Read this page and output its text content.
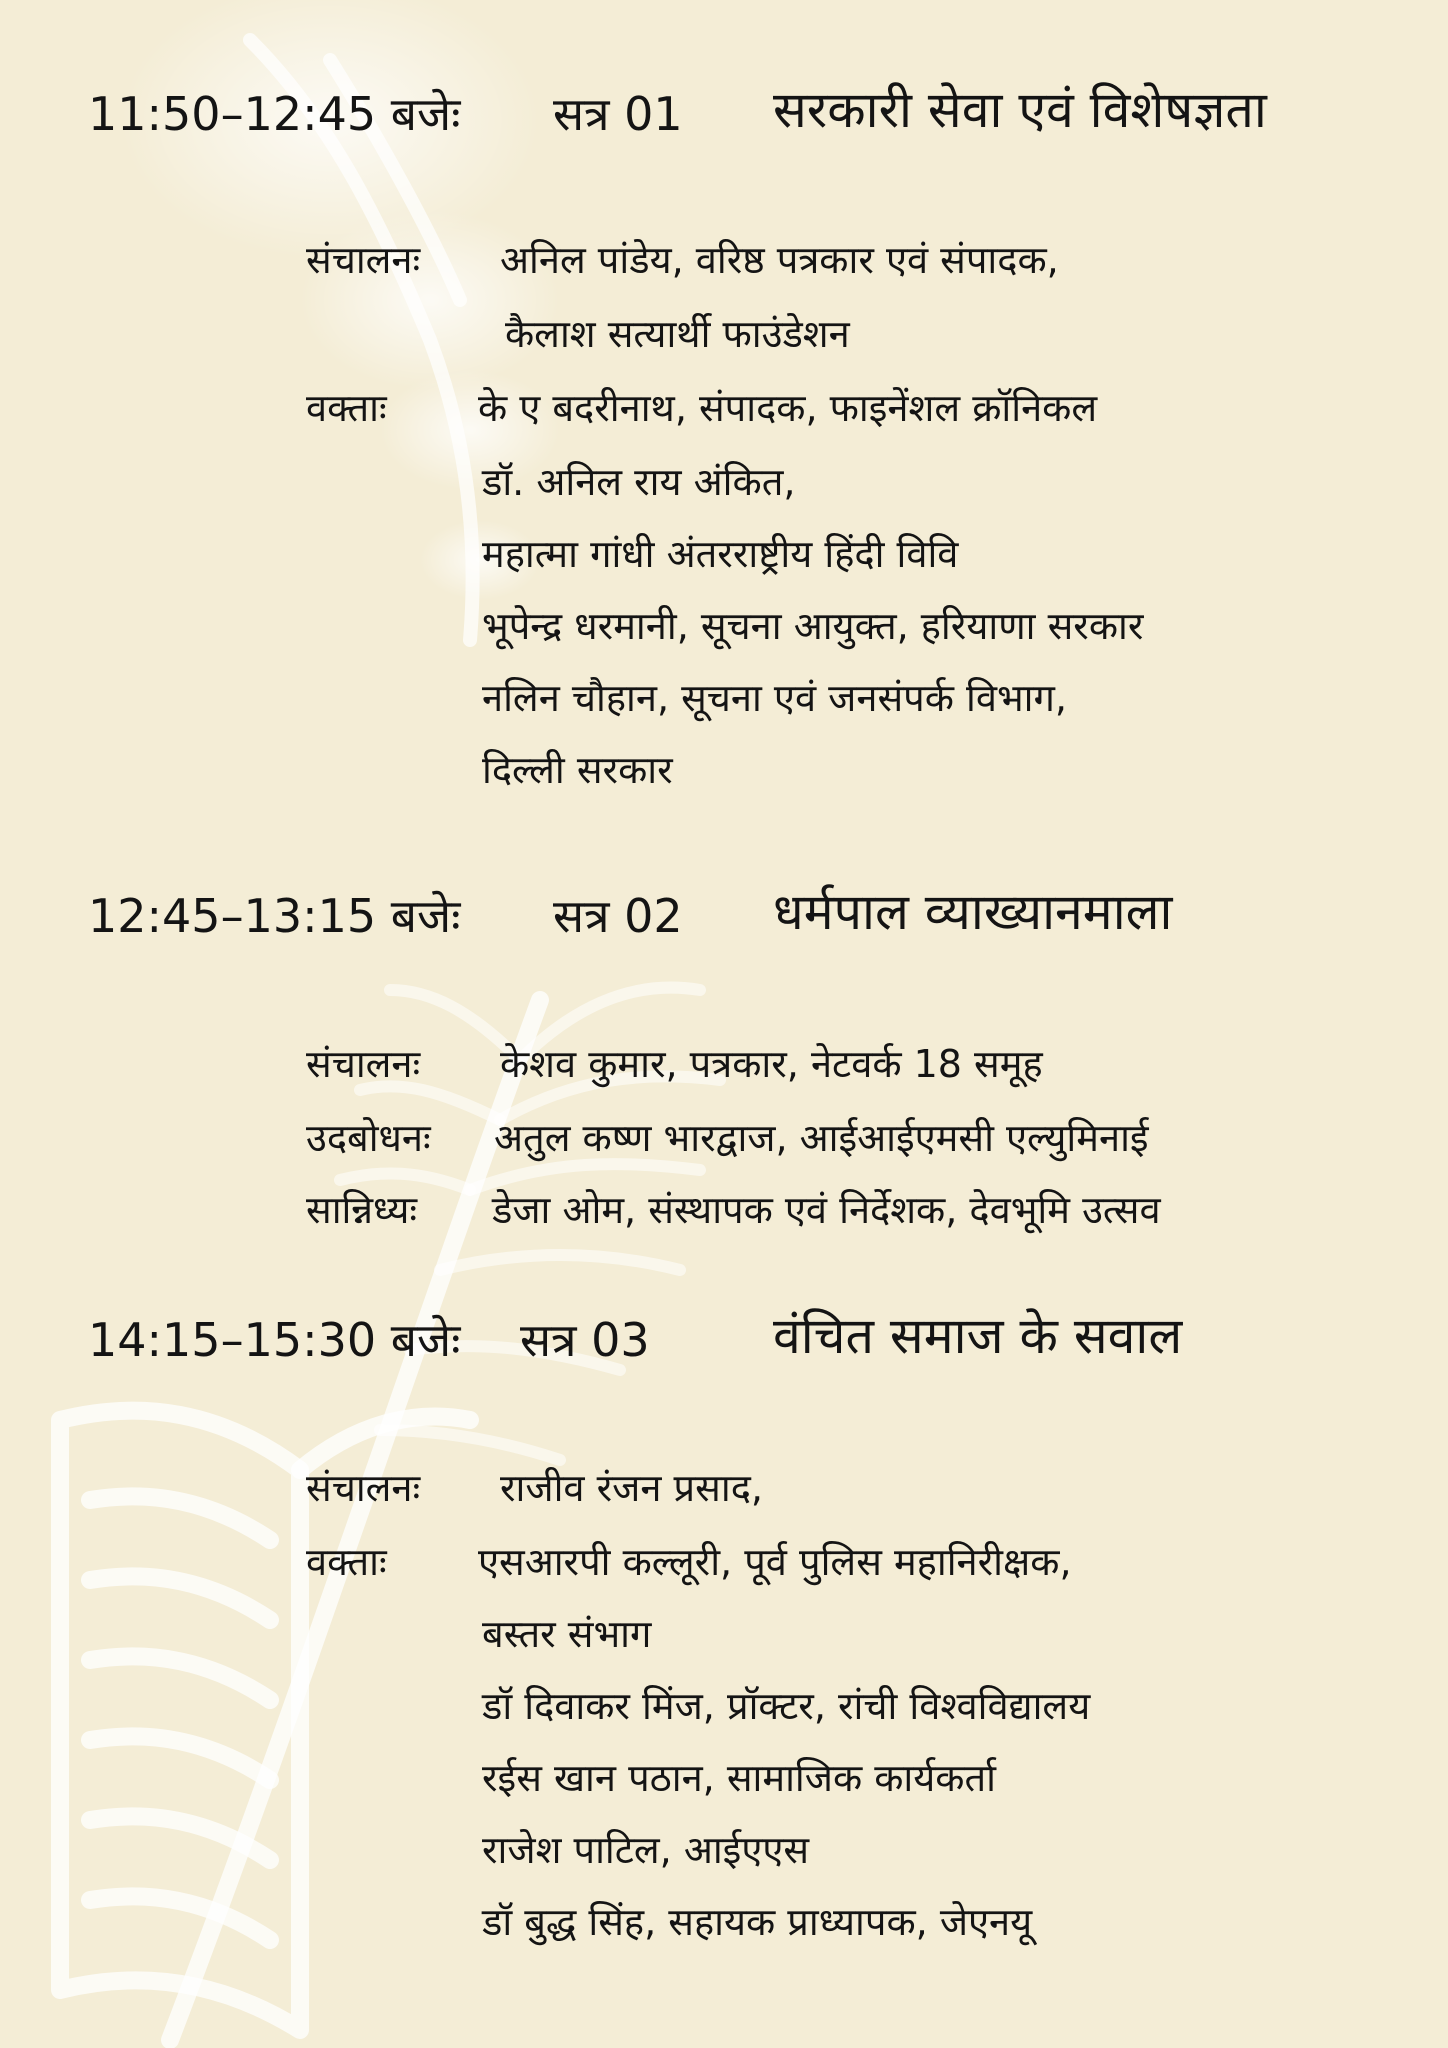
11:50–12:45 बजेः सत्र 01 सरकारी सेवा एवं विशेषज्ञता
संचालनः अनिल पांडेय, वरिष्ठ पत्रकार एवं संपादक,
कैलाश सत्यार्थी फाउंडेशन
वक्ताः के ए बदरीनाथ, संपादक, फाइनेंशल क्रॉनिकल
डॉ. अनिल राय अंकित,
महात्मा गांधी अंतरराष्ट्रीय हिंदी विवि
भूपेन्द्र धरमानी, सूचना आयुक्त, हरियाणा सरकार
नलिन चौहान, सूचना एवं जनसंपर्क विभाग,
दिल्ली सरकार
12:45–13:15 बजेः सत्र 02 धर्मपाल व्याख्यानमाला
संचालनः केशव कुमार, पत्रकार, नेटवर्क 18 समूह
उदबोधनः अतुल कष्ण भारद्वाज, आईआईएमसी एल्युमिनाई
सान्निध्यः डेजा ओम, संस्थापक एवं निर्देशक, देवभूमि उत्सव
14:15–15:30 बजेः सत्र 03 वंचित समाज के सवाल
संचालनः राजीव रंजन प्रसाद,
वक्ताः एसआरपी कल्लूरी, पूर्व पुलिस महानिरीक्षक,
बस्तर संभाग
डॉ दिवाकर मिंज, प्रॉक्टर, रांची विश्वविद्यालय
रईस खान पठान, सामाजिक कार्यकर्ता
राजेश पाटिल, आईएएस
डॉ बुद्ध सिंह, सहायक प्राध्यापक, जेएनयू
